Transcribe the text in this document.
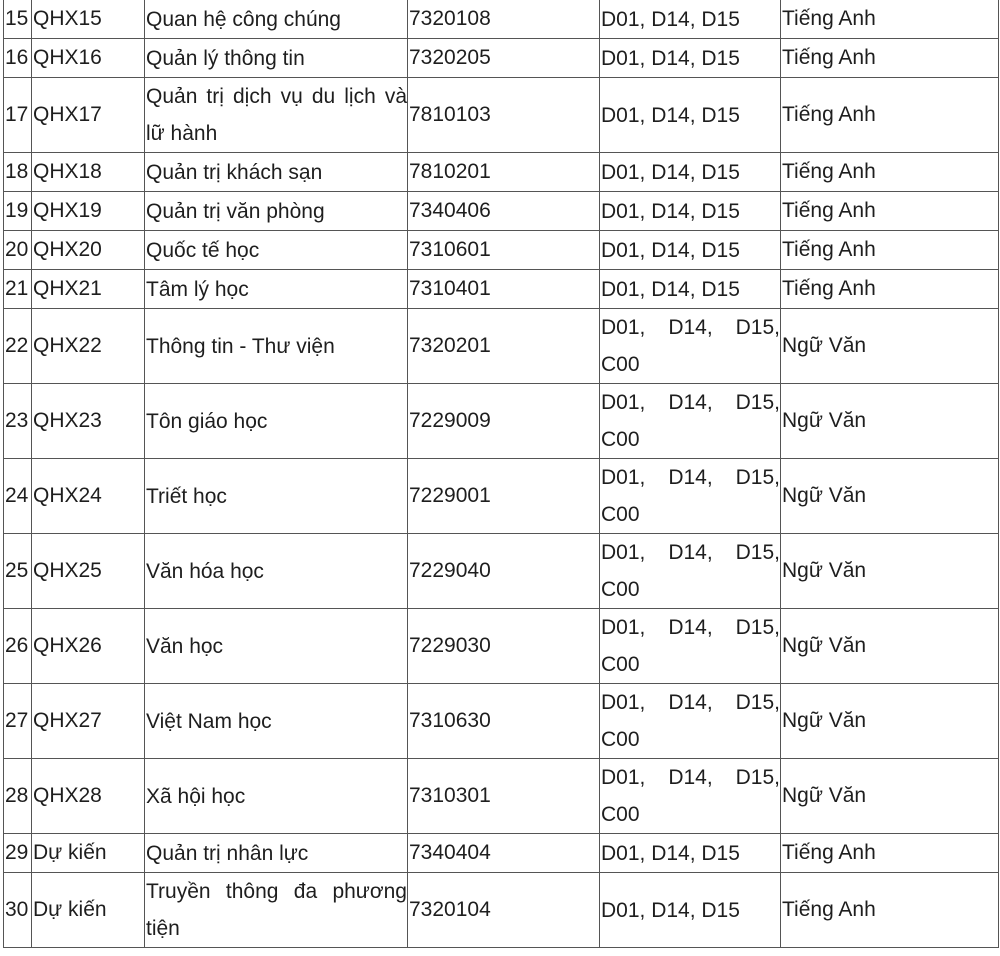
15	QHX15	Quan hệ công chúng	7320108	D01, D14, D15	Tiếng Anh
16	QHX16	Quản lý thông tin	7320205	D01, D14, D15	Tiếng Anh
17	QHX17	Quản trị dịch vụ du lịch và lữ hành	7810103	D01, D14, D15	Tiếng Anh
18	QHX18	Quản trị khách sạn	7810201	D01, D14, D15	Tiếng Anh
19	QHX19	Quản trị văn phòng	7340406	D01, D14, D15	Tiếng Anh
20	QHX20	Quốc tế học	7310601	D01, D14, D15	Tiếng Anh
21	QHX21	Tâm lý học	7310401	D01, D14, D15	Tiếng Anh
22	QHX22	Thông tin - Thư viện	7320201	D01, D14, D15, C00	Ngữ Văn
23	QHX23	Tôn giáo học	7229009	D01, D14, D15, C00	Ngữ Văn
24	QHX24	Triết học	7229001	D01, D14, D15, C00	Ngữ Văn
25	QHX25	Văn hóa học	7229040	D01, D14, D15, C00	Ngữ Văn
26	QHX26	Văn học	7229030	D01, D14, D15, C00	Ngữ Văn
27	QHX27	Việt Nam học	7310630	D01, D14, D15, C00	Ngữ Văn
28	QHX28	Xã hội học	7310301	D01, D14, D15, C00	Ngữ Văn
29	Dự kiến	Quản trị nhân lực	7340404	D01, D14, D15	Tiếng Anh
30	Dự kiến	Truyền thông đa phương tiện	7320104	D01, D14, D15	Tiếng Anh
